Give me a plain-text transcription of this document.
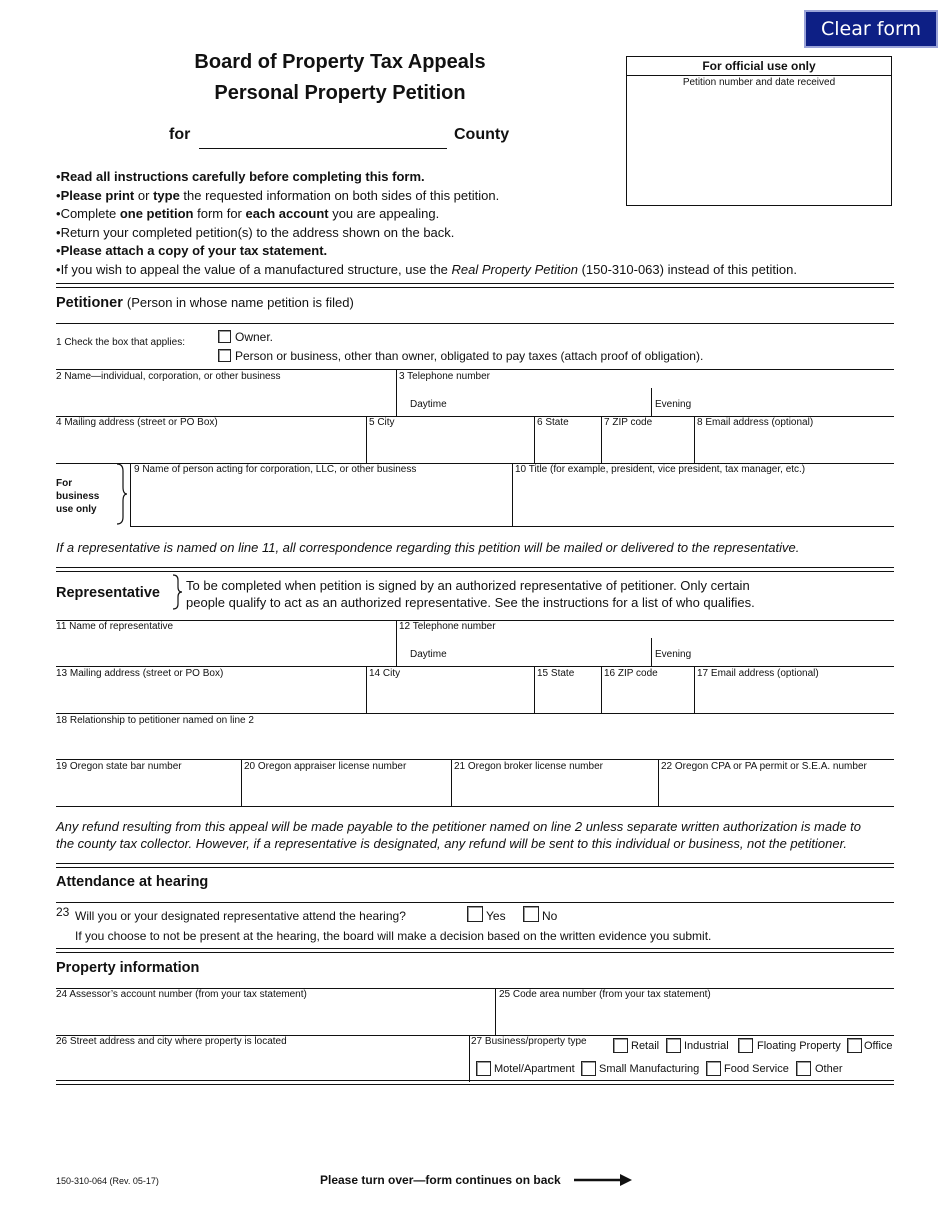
Clear form
Board of Property Tax Appeals
Personal Property Petition
for	County
For official use only
Petition number and date received
•Read all instructions carefully before completing this form.
•Please print or type the requested information on both sides of this petition.
•Complete one petition form for each account you are appealing.
•Return your completed petition(s) to the address shown on the back.
•Please attach a copy of your tax statement.
•If you wish to appeal the value of a manufactured structure, use the Real Property Petition (150-310-063) instead of this petition.
Petitioner (Person in whose name petition is filed)
1 Check the box that applies:	Owner.
Person or business, other than owner, obligated to pay taxes (attach proof of obligation).
2 Name—individual, corporation, or other business	3 Telephone number
Daytime	Evening
4 Mailing address (street or PO Box)	5 City	6 State	7 ZIP code	8 Email address (optional)
For
business
use only
9 Name of person acting for corporation, LLC, or other business	10 Title (for example, president, vice president, tax manager, etc.)
If a representative is named on line 11, all correspondence regarding this petition will be mailed or delivered to the representative.
Representative To be completed when petition is signed by an authorized representative of petitioner. Only certain
people qualify to act as an authorized representative. See the instructions for a list of who qualifies.
11 Name of representative	12 Telephone number
Daytime	Evening
13 Mailing address (street or PO Box)	14 City	15 State	16 ZIP code	17 Email address (optional)
18 Relationship to petitioner named on line 2
19 Oregon state bar number	20 Oregon appraiser license number	21 Oregon broker license number	22 Oregon CPA or PA permit or S.E.A. number
Any refund resulting from this appeal will be made payable to the petitioner named on line 2 unless separate written authorization is made to
the county tax collector. However, if a representative is designated, any refund will be sent to this individual or business, not the petitioner.
Attendance at hearing
23 Will you or your designated representative attend the hearing?	Yes	No
If you choose to not be present at the hearing, the board will make a decision based on the written evidence you submit.
Property information
24 Assessor’s account number (from your tax statement)	25 Code area number (from your tax statement)
26 Street address and city where property is located	27 Business/property type	Retail Industrial	Floating Property Office
Motel/Apartment Small Manufacturing Food Service Other
150-310-064 (Rev. 05-17)	Please turn over—form continues on back
